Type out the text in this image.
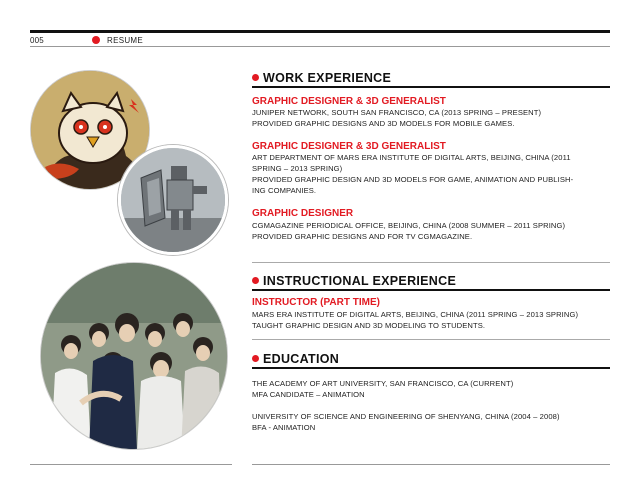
005	RESUME
WORK EXPERIENCE
GRAPHIC DESIGNER & 3D GENERALIST
JUNIPER NETWORK, SOUTH SAN FRANCISCO, CA (2013 SPRING – PRESENT)
PROVIDED GRAPHIC DESIGNS AND 3D MODELS FOR MOBILE GAMES.
GRAPHIC DESIGNER & 3D GENERALIST
ART DEPARTMENT OF MARS ERA INSTITUTE OF DIGITAL ARTS, BEIJING, CHINA (2011
SPRING – 2013 SPRING)
PROVIDED GRAPHIC DESIGN AND 3D MODELS FOR GAME, ANIMATION AND PUBLISH-
ING COMPANIES.
GRAPHIC DESIGNER
CGMAGAZINE PERIODICAL OFFICE, BEIJING, CHINA (2008 SUMMER – 2011 SPRING)
PROVIDED GRAPHIC DESIGNS AND FOR TV CGMAGAZINE.
INSTRUCTIONAL EXPERIENCE
INSTRUCTOR (PART TIME)
MARS ERA INSTITUTE OF DIGITAL ARTS, BEIJING, CHINA (2011 SPRING – 2013 SPRING)
TAUGHT GRAPHIC DESIGN AND 3D MODELING TO STUDENTS.
EDUCATION
THE ACADEMY OF ART UNIVERSITY, SAN FRANCISCO, CA (CURRENT)
MFA CANDIDATE – ANIMATION
UNIVERSITY OF SCIENCE AND ENGINEERING OF SHENYANG, CHINA (2004 – 2008)
BFA - ANIMATION
